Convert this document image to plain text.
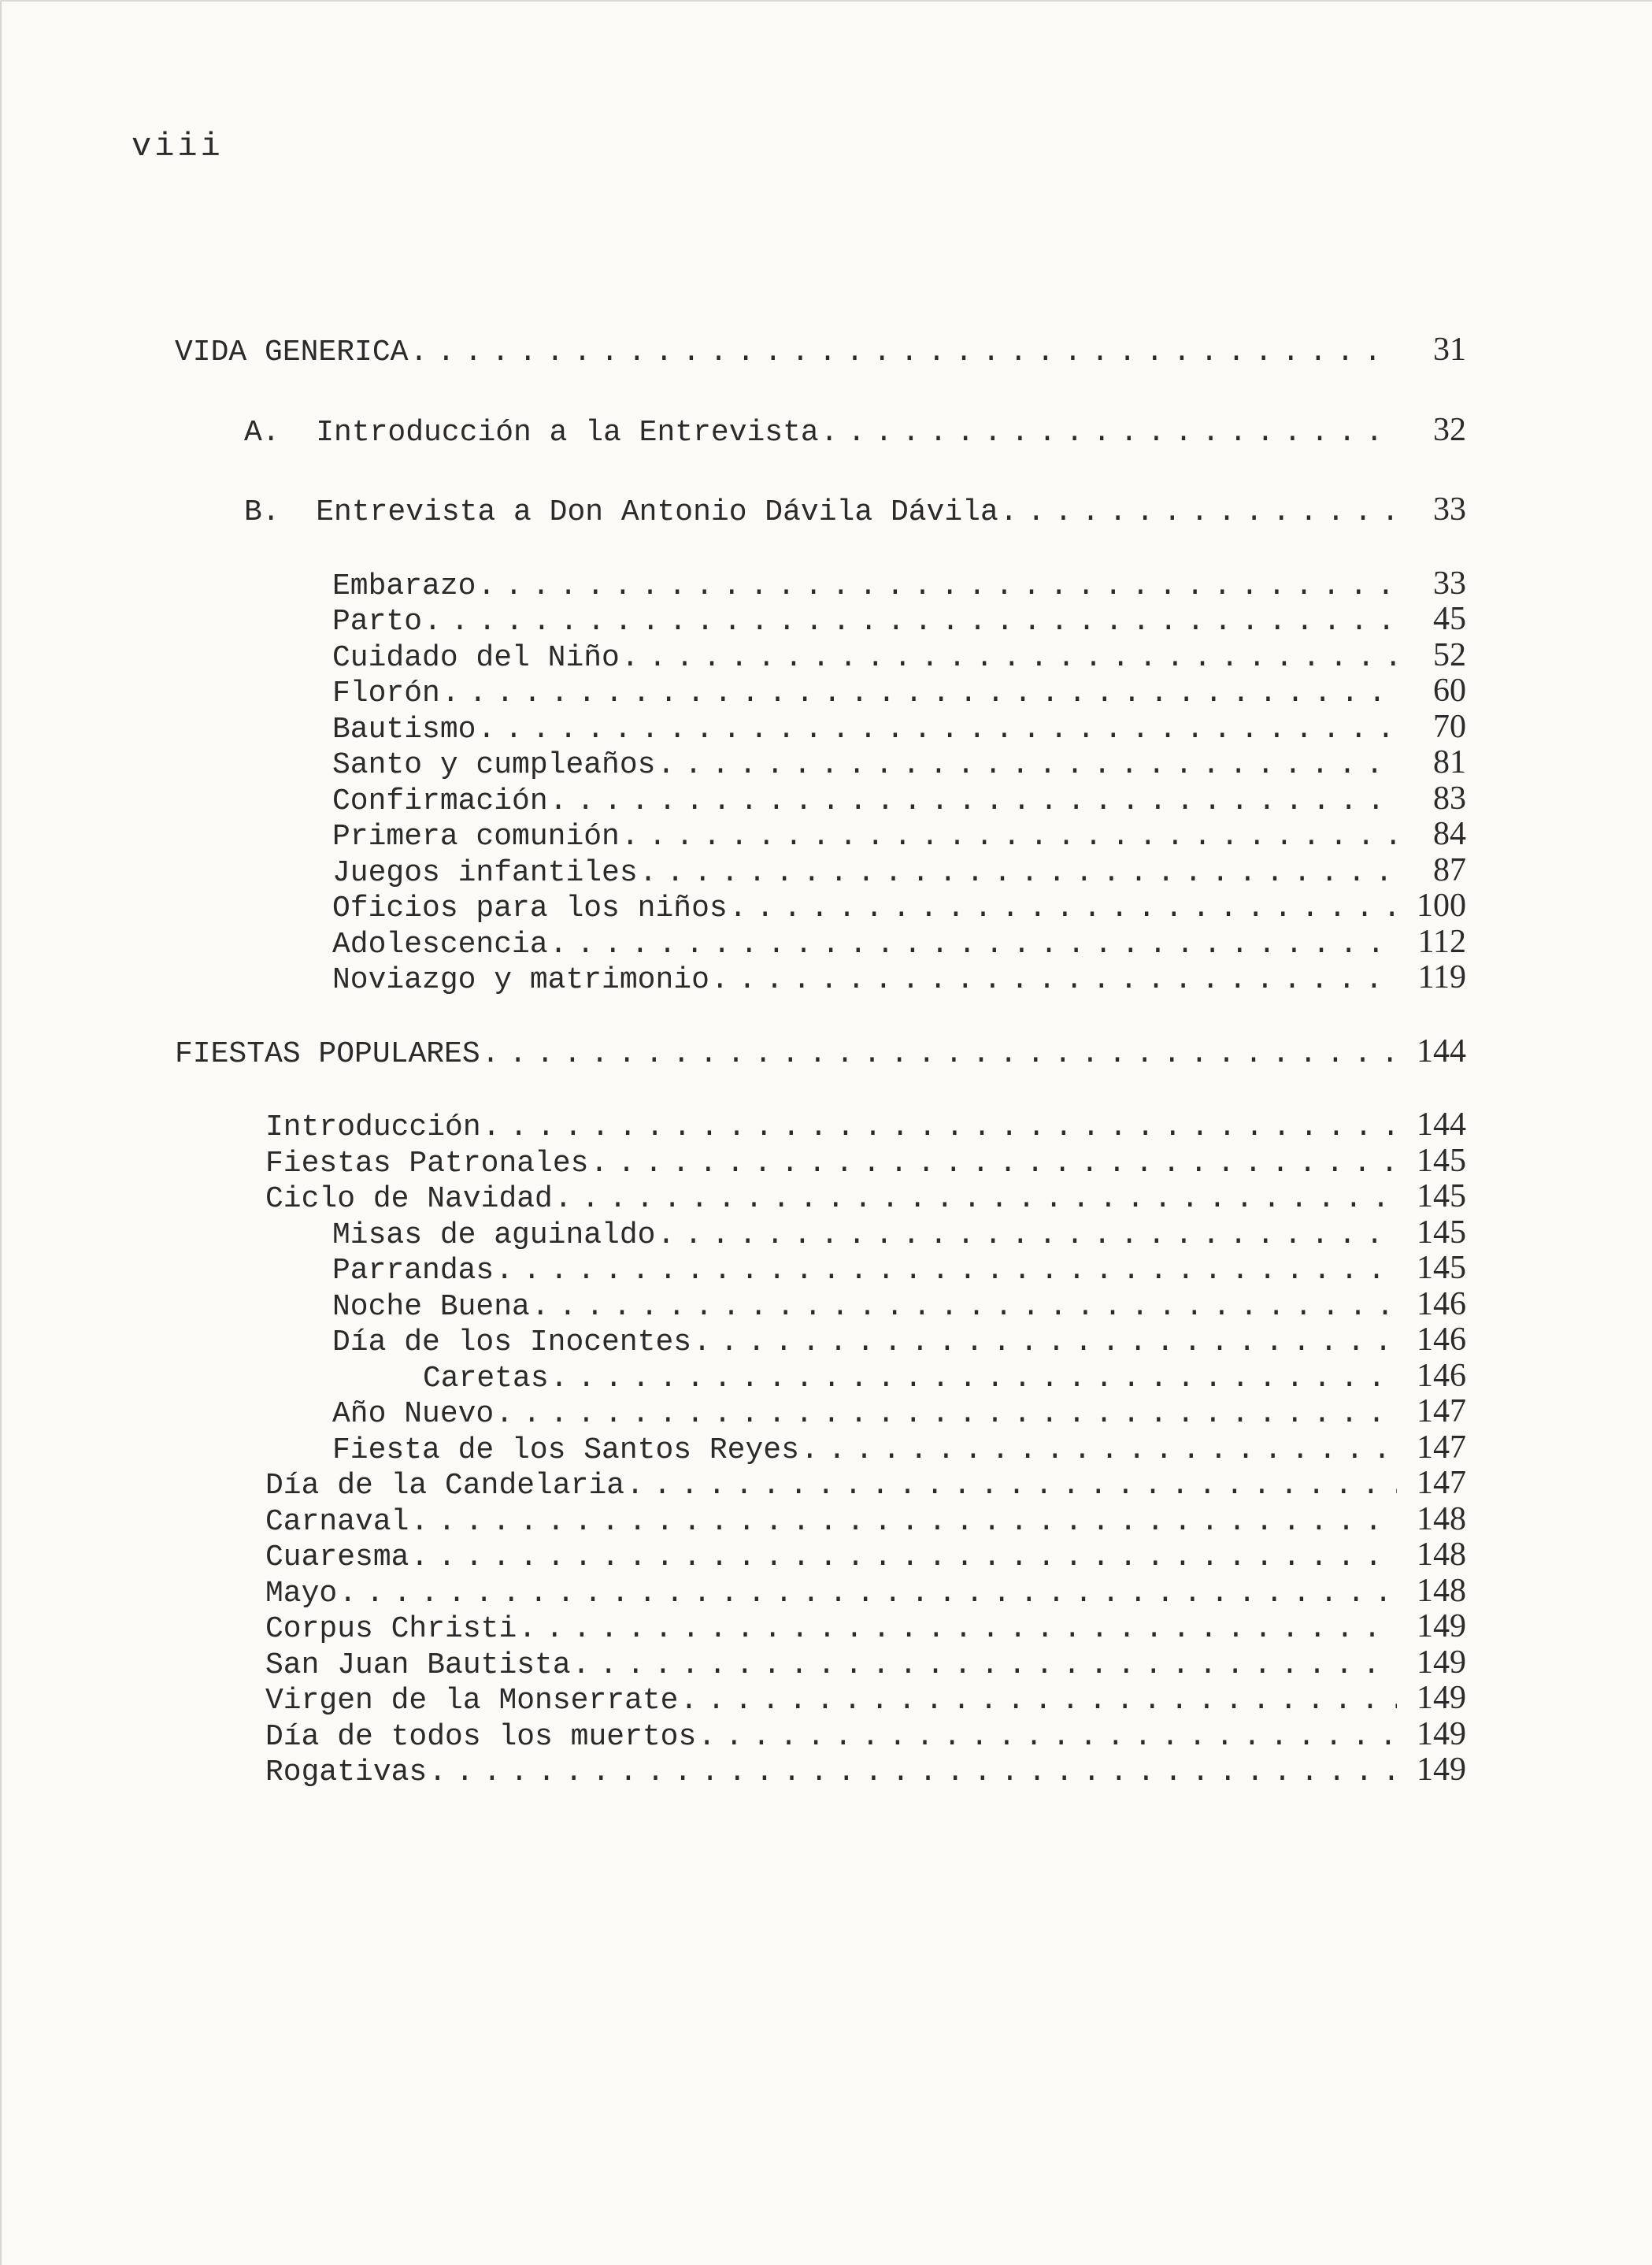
viii
VIDA GENERICA . . .	31
A. Introducción a la Entrevista . . .	32
B. Entrevista a Don Antonio Dávila Dávila . . .	33
Embarazo . . .	33
Parto . . .	45
Cuidado del Niño . . .	52
Florón . . .	60
Bautismo . . .	70
Santo y cumpleaños . . .	81
Confirmación . . .	83
Primera comunión . . .	84
Juegos infantiles . . .	87
Oficios para los niños . . .	100
Adolescencia . . .	112
Noviazgo y matrimonio . . .	119
FIESTAS POPULARES . . .	144
Introducción . . .	144
Fiestas Patronales . . .	145
Ciclo de Navidad . . .	145
Misas de aguinaldo . . .	145
Parrandas . . .	145
Noche Buena . . .	146
Día de los Inocentes . . .	146
Caretas . . .	146
Año Nuevo . . .	147
Fiesta de los Santos Reyes . . .	147
Día de la Candelaria . . .	147
Carnaval . . .	148
Cuaresma . . .	148
Mayo . . .	148
Corpus Christi . . .	149
San Juan Bautista . . .	149
Virgen de la Monserrate . . .	149
Día de todos los muertos . . .	149
Rogativas . . .	149
